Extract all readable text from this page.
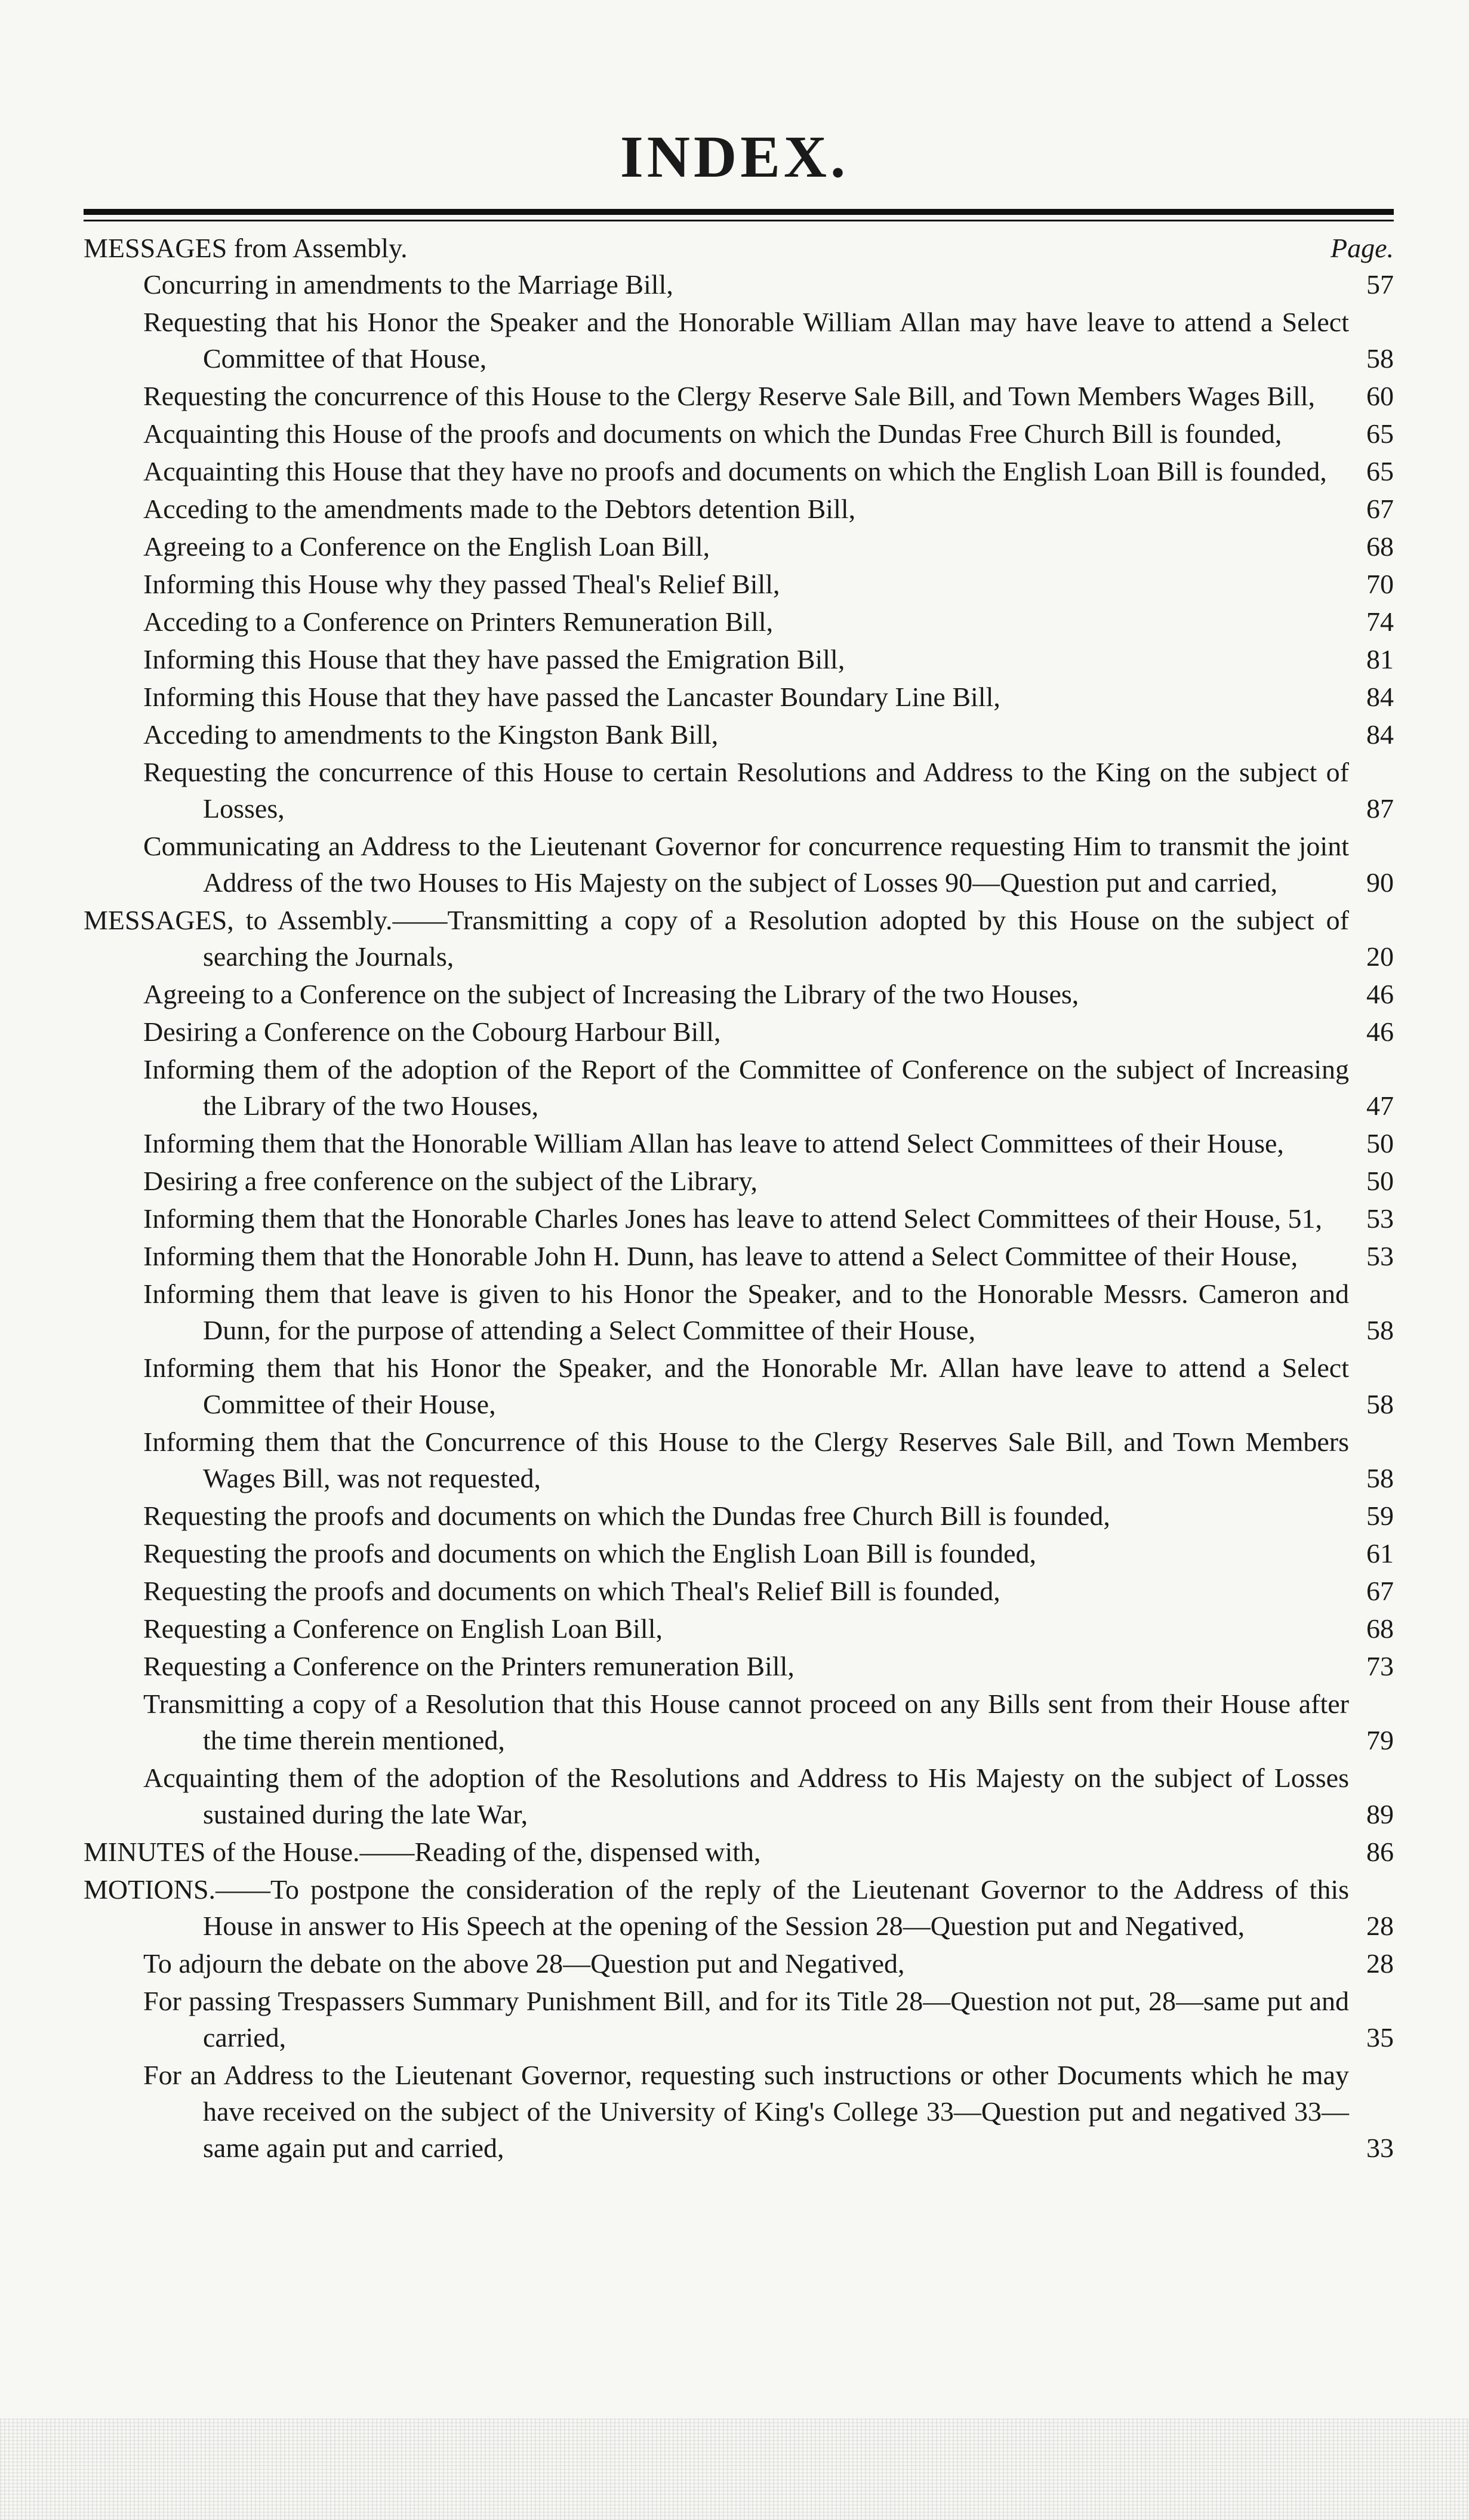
INDEX.
MESSAGES from Assembly.	Page.
Concurring in amendments to the Marriage Bill,	57
Requesting that his Honor the Speaker and the Honorable William Allan may have leave to attend a Select Committee of that House,	58
Requesting the concurrence of this House to the Clergy Reserve Sale Bill, and Town Members Wages Bill,	60
Acquainting this House of the proofs and documents on which the Dundas Free Church Bill is founded,	65
Acquainting this House that they have no proofs and documents on which the English Loan Bill is founded,	65
Acceding to the amendments made to the Debtors detention Bill,	67
Agreeing to a Conference on the English Loan Bill,	68
Informing this House why they passed Theal's Relief Bill,	70
Acceding to a Conference on Printers Remuneration Bill,	74
Informing this House that they have passed the Emigration Bill,	81
Informing this House that they have passed the Lancaster Boundary Line Bill,	84
Acceding to amendments to the Kingston Bank Bill,	84
Requesting the concurrence of this House to certain Resolutions and Address to the King on the subject of Losses,	87
Communicating an Address to the Lieutenant Governor for concurrence requesting Him to transmit the joint Address of the two Houses to His Majesty on the subject of Losses 90—Question put and carried,	90
MESSAGES, to Assembly.——Transmitting a copy of a Resolution adopted by this House on the subject of searching the Journals,	20
Agreeing to a Conference on the subject of Increasing the Library of the two Houses,	46
Desiring a Conference on the Cobourg Harbour Bill,	46
Informing them of the adoption of the Report of the Committee of Conference on the subject of Increasing the Library of the two Houses,	47
Informing them that the Honorable William Allan has leave to attend Select Committees of their House,	50
Desiring a free conference on the subject of the Library,	50
Informing them that the Honorable Charles Jones has leave to attend Select Committees of their House, 51,	53
Informing them that the Honorable John H. Dunn, has leave to attend a Select Committee of their House,	53
Informing them that leave is given to his Honor the Speaker, and to the Honorable Messrs. Cameron and Dunn, for the purpose of attending a Select Committee of their House,	58
Informing them that his Honor the Speaker, and the Honorable Mr. Allan have leave to attend a Select Committee of their House,	58
Informing them that the Concurrence of this House to the Clergy Reserves Sale Bill, and Town Members Wages Bill, was not requested,	58
Requesting the proofs and documents on which the Dundas free Church Bill is founded,	59
Requesting the proofs and documents on which the English Loan Bill is founded,	61
Requesting the proofs and documents on which Theal's Relief Bill is founded,	67
Requesting a Conference on English Loan Bill,	68
Requesting a Conference on the Printers remuneration Bill,	73
Transmitting a copy of a Resolution that this House cannot proceed on any Bills sent from their House after the time therein mentioned,	79
Acquainting them of the adoption of the Resolutions and Address to His Majesty on the subject of Losses sustained during the late War,	89
MINUTES of the House.——Reading of the, dispensed with,	86
MOTIONS.——To postpone the consideration of the reply of the Lieutenant Governor to the Address of this House in answer to His Speech at the opening of the Session 28—Question put and Negatived,	28
To adjourn the debate on the above 28—Question put and Negatived,	28
For passing Trespassers Summary Punishment Bill, and for its Title 28—Question not put, 28—same put and carried,	35
For an Address to the Lieutenant Governor, requesting such instructions or other Documents which he may have received on the subject of the University of King's College 33—Question put and negatived 33—same again put and carried,	33
